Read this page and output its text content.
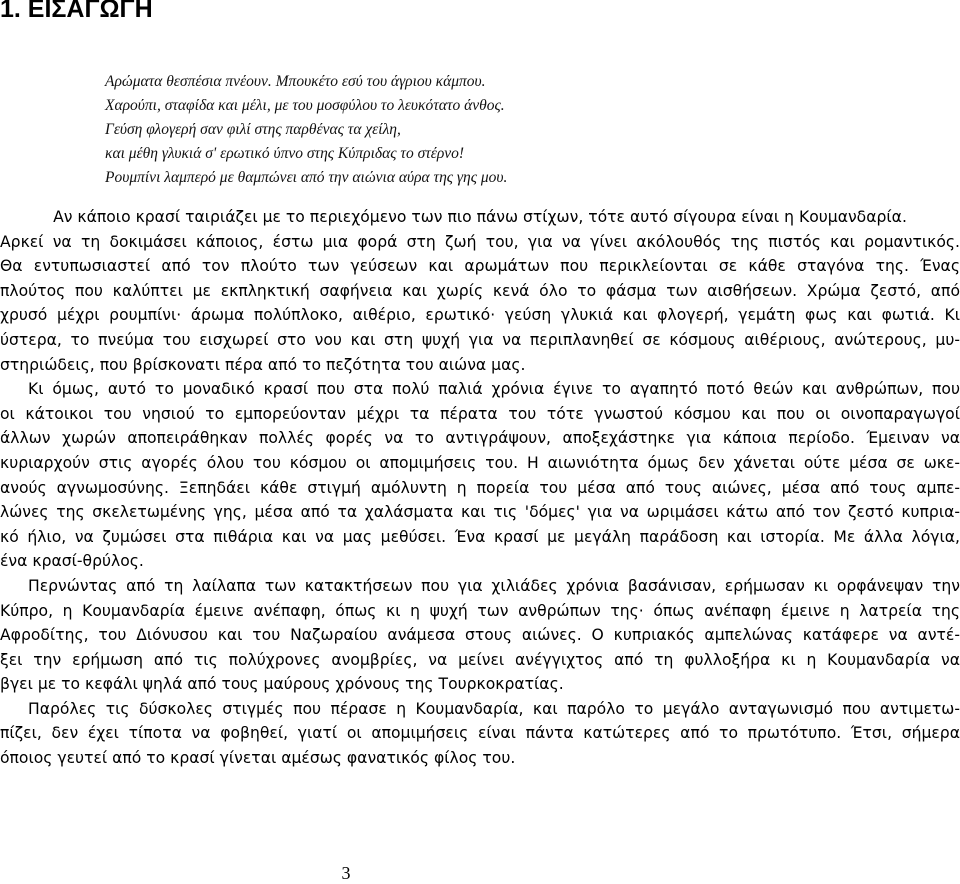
1. ΕΙΣΑΓΩΓΗ
Αρώματα θεσπέσια πνέουν. Μπουκέτο εσύ του άγριου κάμπου.
Χαρούπι, σταφίδα και μέλι, με του μοσφύλου το λευκότατο άνθος.
Γεύση φλογερή σαν φιλί στης παρθένας τα χείλη,
και μέθη γλυκιά σ' ερωτικό ύπνο στης Κύπριδας το στέρνο!
Ρουμπίνι λαμπερό με θαμπώνει από την αιώνια αύρα της γης μου.

Αν κάποιο κρασί ταιριάζει με το περιεχόμενο των πιο πάνω στίχων, τότε αυτό σίγουρα είναι η Κουμανδαρία.
Αρκεί να τη δοκιμάσει κάποιος, έστω μια φορά στη ζωή του, για να γίνει ακόλουθός της πιστός και ρομαντικός.
Θα εντυπωσιαστεί από τον πλούτο των γεύσεων και αρωμάτων που περικλείονται σε κάθε σταγόνα της. Ένας
πλούτος που καλύπτει με εκπληκτική σαφήνεια και χωρίς κενά όλο το φάσμα των αισθήσεων. Χρώμα ζεστό, από
χρυσό μέχρι ρουμπίνι· άρωμα πολύπλοκο, αιθέριο, ερωτικό· γεύση γλυκιά και φλογερή, γεμάτη φως και φωτιά. Κι
ύστερα, το πνεύμα του εισχωρεί στο νου και στη ψυχή για να περιπλανηθεί σε κόσμους αιθέριους, ανώτερους, μυ-
στηριώδεις, που βρίσκονατι πέρα από το πεζότητα του αιώνα μας.

Κι όμως, αυτό το μοναδικό κρασί που στα πολύ παλιά χρόνια έγινε το αγαπητό ποτό θεών και ανθρώπων, που
οι κάτοικοι του νησιού το εμπορεύονταν μέχρι τα πέρατα του τότε γνωστού κόσμου και που οι οινοπαραγωγοί
άλλων χωρών αποπειράθηκαν πολλές φορές να το αντιγράψουν, αποξεχάστηκε για κάποια περίοδο. Έμειναν να
κυριαρχούν στις αγορές όλου του κόσμου οι απομιμήσεις του. Η αιωνιότητα όμως δεν χάνεται ούτε μέσα σε ωκε-
ανούς αγνωμοσύνης. Ξεπηδάει κάθε στιγμή αμόλυντη η πορεία του μέσα από τους αιώνες, μέσα από τους αμπε-
λώνες της σκελετωμένης γης, μέσα από τα χαλάσματα και τις 'δόμες' για να ωριμάσει κάτω από τον ζεστό κυπρια-
κό ήλιο, να ζυμώσει στα πιθάρια και να μας μεθύσει. Ένα κρασί με μεγάλη παράδοση και ιστορία. Με άλλα λόγια,
ένα κρασί-θρύλος.

Περνώντας από τη λαίλαπα των κατακτήσεων που για χιλιάδες χρόνια βασάνισαν, ερήμωσαν κι ορφάνεψαν την
Κύπρο, η Κουμανδαρία έμεινε ανέπαφη, όπως κι η ψυχή των ανθρώπων της· όπως ανέπαφη έμεινε η λατρεία της
Αφροδίτης, του Διόνυσου και του Ναζωραίου ανάμεσα στους αιώνες. Ο κυπριακός αμπελώνας κατάφερε να αντέ-
ξει την ερήμωση από τις πολύχρονες ανομβρίες, να μείνει ανέγγιχτος από τη φυλλοξήρα κι η Κουμανδαρία να
βγει με το κεφάλι ψηλά από τους μαύρους χρόνους της Τουρκοκρατίας.

Παρόλες τις δύσκολες στιγμές που πέρασε η Κουμανδαρία, και παρόλο το μεγάλο ανταγωνισμό που αντιμετω-
πίζει, δεν έχει τίποτα να φοβηθεί, γιατί οι απομιμήσεις είναι πάντα κατώτερες από το πρωτότυπο. Έτσι, σήμερα
όποιος γευτεί από το κρασί γίνεται αμέσως φανατικός φίλος του.

3
